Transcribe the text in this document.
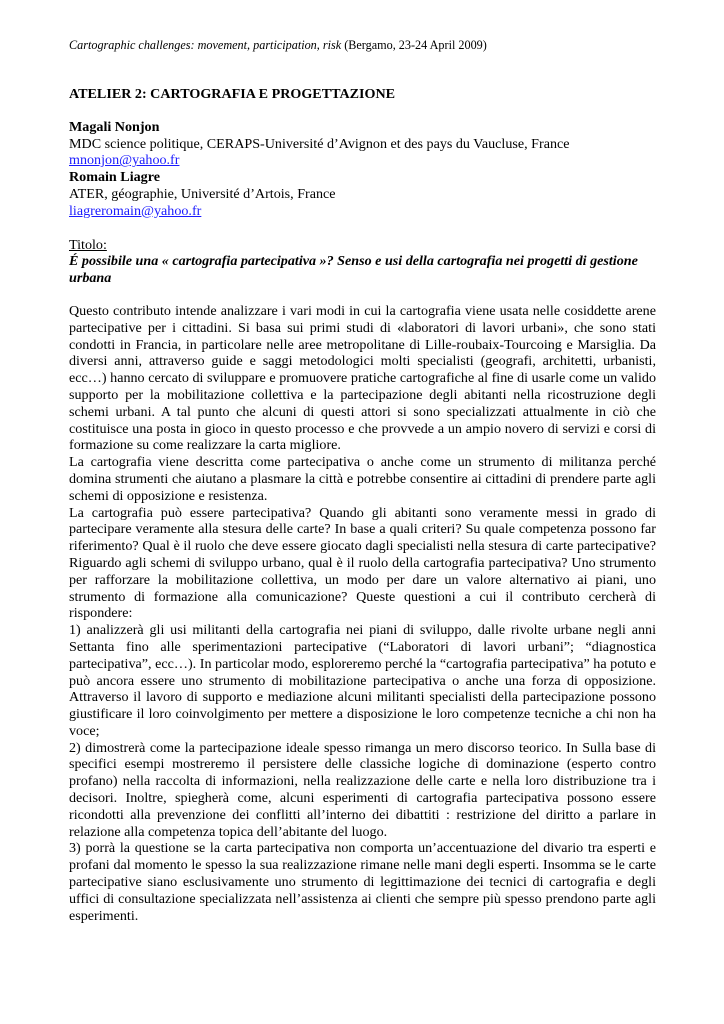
Cartographic challenges: movement, participation, risk (Bergamo, 23-24 April 2009)

ATELIER 2: CARTOGRAFIA E PROGETTAZIONE
Magali Nonjon
MDC science politique, CERAPS-Université d’Avignon et des pays du Vaucluse, France
mnonjon@yahoo.fr
Romain Liagre
ATER, géographie, Université d’Artois, France
liagreromain@yahoo.fr
Titolo:
É possibile una « cartografia partecipativa »? Senso e usi della cartografia nei progetti di gestione urbana

Questo contributo intende analizzare i vari modi in cui la cartografia viene usata nelle cosiddette arene partecipative per i cittadini. Si basa sui primi studi di «laboratori di lavori urbani», che sono stati condotti in Francia, in particolare nelle aree metropolitane di Lille-roubaix-Tourcoing e Marsiglia. Da diversi anni, attraverso guide e saggi metodologici molti specialisti (geografi, architetti, urbanisti, ecc…) hanno cercato di sviluppare e promuovere pratiche cartografiche al fine di usarle come un valido supporto per la mobilitazione collettiva e la partecipazione degli abitanti nella ricostruzione degli schemi urbani. A tal punto che alcuni di questi attori si sono specializzati attualmente in ciò che costituisce una posta in gioco in questo processo e che provvede a un ampio novero di servizi e corsi di formazione su come realizzare la carta migliore.

La cartografia viene descritta come partecipativa o anche come un strumento di militanza perché domina strumenti che aiutano a plasmare la città e potrebbe consentire ai cittadini di prendere parte agli schemi di opposizione e resistenza.

La cartografia può essere partecipativa? Quando gli abitanti sono veramente messi in grado di partecipare veramente alla stesura delle carte? In base a quali criteri? Su quale competenza possono far riferimento? Qual è il ruolo che deve essere giocato dagli specialisti nella stesura di carte partecipative? Riguardo agli schemi di sviluppo urbano, qual è il ruolo della cartografia partecipativa? Uno strumento per rafforzare la mobilitazione collettiva, un modo per dare un valore alternativo ai piani, uno strumento di formazione alla comunicazione? Queste questioni a cui il contributo cercherà di rispondere:

1) analizzerà gli usi militanti della cartografia nei piani di sviluppo, dalle rivolte urbane negli anni Settanta fino alle sperimentazioni partecipative (“Laboratori di lavori urbani”; “diagnostica partecipativa”, ecc…). In particolar modo, esploreremo perché la “cartografia partecipativa” ha potuto e può ancora essere uno strumento di mobilitazione partecipativa o anche una forza di opposizione. Attraverso il lavoro di supporto e mediazione alcuni militanti specialisti della partecipazione possono giustificare il loro coinvolgimento per mettere a disposizione le loro competenze tecniche a chi non ha voce;

2) dimostrerà come la partecipazione ideale spesso rimanga un mero discorso teorico. In Sulla base di specifici esempi mostreremo il persistere delle classiche logiche di dominazione (esperto contro profano) nella raccolta di informazioni, nella realizzazione delle carte e nella loro distribuzione tra i decisori. Inoltre, spiegherà come, alcuni esperimenti di cartografia partecipativa possono essere ricondotti alla prevenzione dei conflitti all’interno dei dibattiti : restrizione del diritto a parlare in relazione alla competenza topica dell’abitante del luogo.

3) porrà la questione se la carta partecipativa non comporta un’accentuazione del divario tra esperti e profani dal momento le spesso la sua realizzazione rimane nelle mani degli esperti. Insomma se le carte partecipative siano esclusivamente uno strumento di legittimazione dei tecnici di cartografia e degli uffici di consultazione specializzata nell’assistenza ai clienti che sempre più spesso prendono parte agli esperimenti.
